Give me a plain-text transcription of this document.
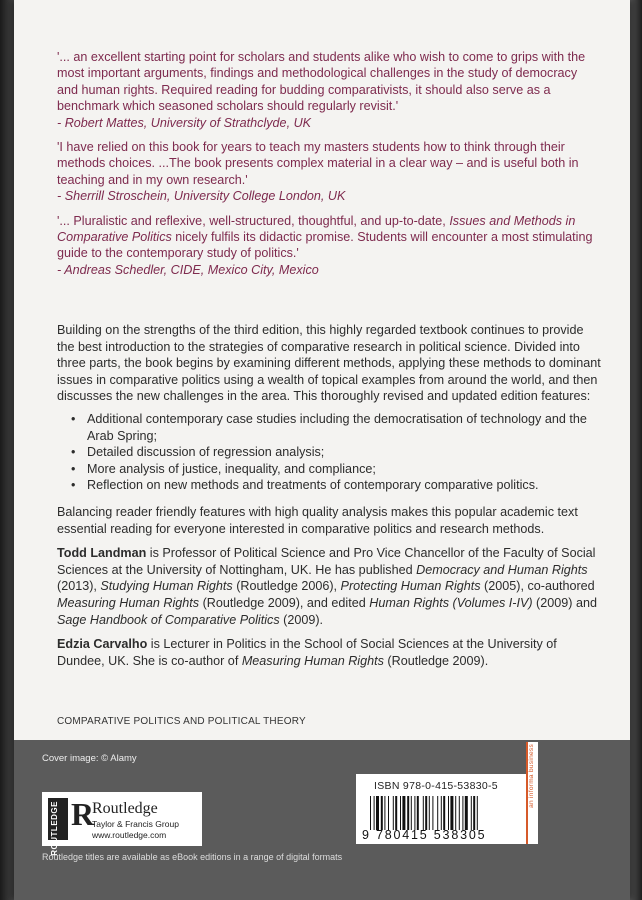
'... an excellent starting point for scholars and students alike who wish to come to grips with the most important arguments, findings and methodological challenges in the study of democracy and human rights. Required reading for budding comparativists, it should also serve as a benchmark which seasoned scholars should regularly revisit.'
- Robert Mattes, University of Strathclyde, UK
'I have relied on this book for years to teach my masters students how to think through their methods choices. ...The book presents complex material in a clear way – and is useful both in teaching and in my own research.'
- Sherrill Stroschein, University College London, UK
'... Pluralistic and reflexive, well-structured, thoughtful, and up-to-date, Issues and Methods in Comparative Politics nicely fulfils its didactic promise. Students will encounter a most stimulating guide to the contemporary study of politics.'
- Andreas Schedler, CIDE, Mexico City, Mexico

Building on the strengths of the third edition, this highly regarded textbook continues to provide the best introduction to the strategies of comparative research in political science. Divided into three parts, the book begins by examining different methods, applying these methods to dominant issues in comparative politics using a wealth of topical examples from around the world, and then discusses the new challenges in the area. This thoroughly revised and updated edition features:

• Additional contemporary case studies including the democratisation of technology and the Arab Spring;
• Detailed discussion of regression analysis;
• More analysis of justice, inequality, and compliance;
• Reflection on new methods and treatments of contemporary comparative politics.

Balancing reader friendly features with high quality analysis makes this popular academic text essential reading for everyone interested in comparative politics and research methods.

Todd Landman is Professor of Political Science and Pro Vice Chancellor of the Faculty of Social Sciences at the University of Nottingham, UK. He has published Democracy and Human Rights (2013), Studying Human Rights (Routledge 2006), Protecting Human Rights (2005), co-authored Measuring Human Rights (Routledge 2009), and edited Human Rights (Volumes I-IV) (2009) and Sage Handbook of Comparative Politics (2009).

Edzia Carvalho is Lecturer in Politics in the School of Social Sciences at the University of Dundee, UK. She is co-author of Measuring Human Rights (Routledge 2009).

COMPARATIVE POLITICS AND POLITICAL THEORY
Cover image: © Alamy
ROUTLEDGE R
Routledge
Taylor & Francis Group
www.routledge.com
ISBN 978-0-415-53830-5
9 780415 538305
an informa business
Routledge titles are available as eBook editions in a range of digital formats
